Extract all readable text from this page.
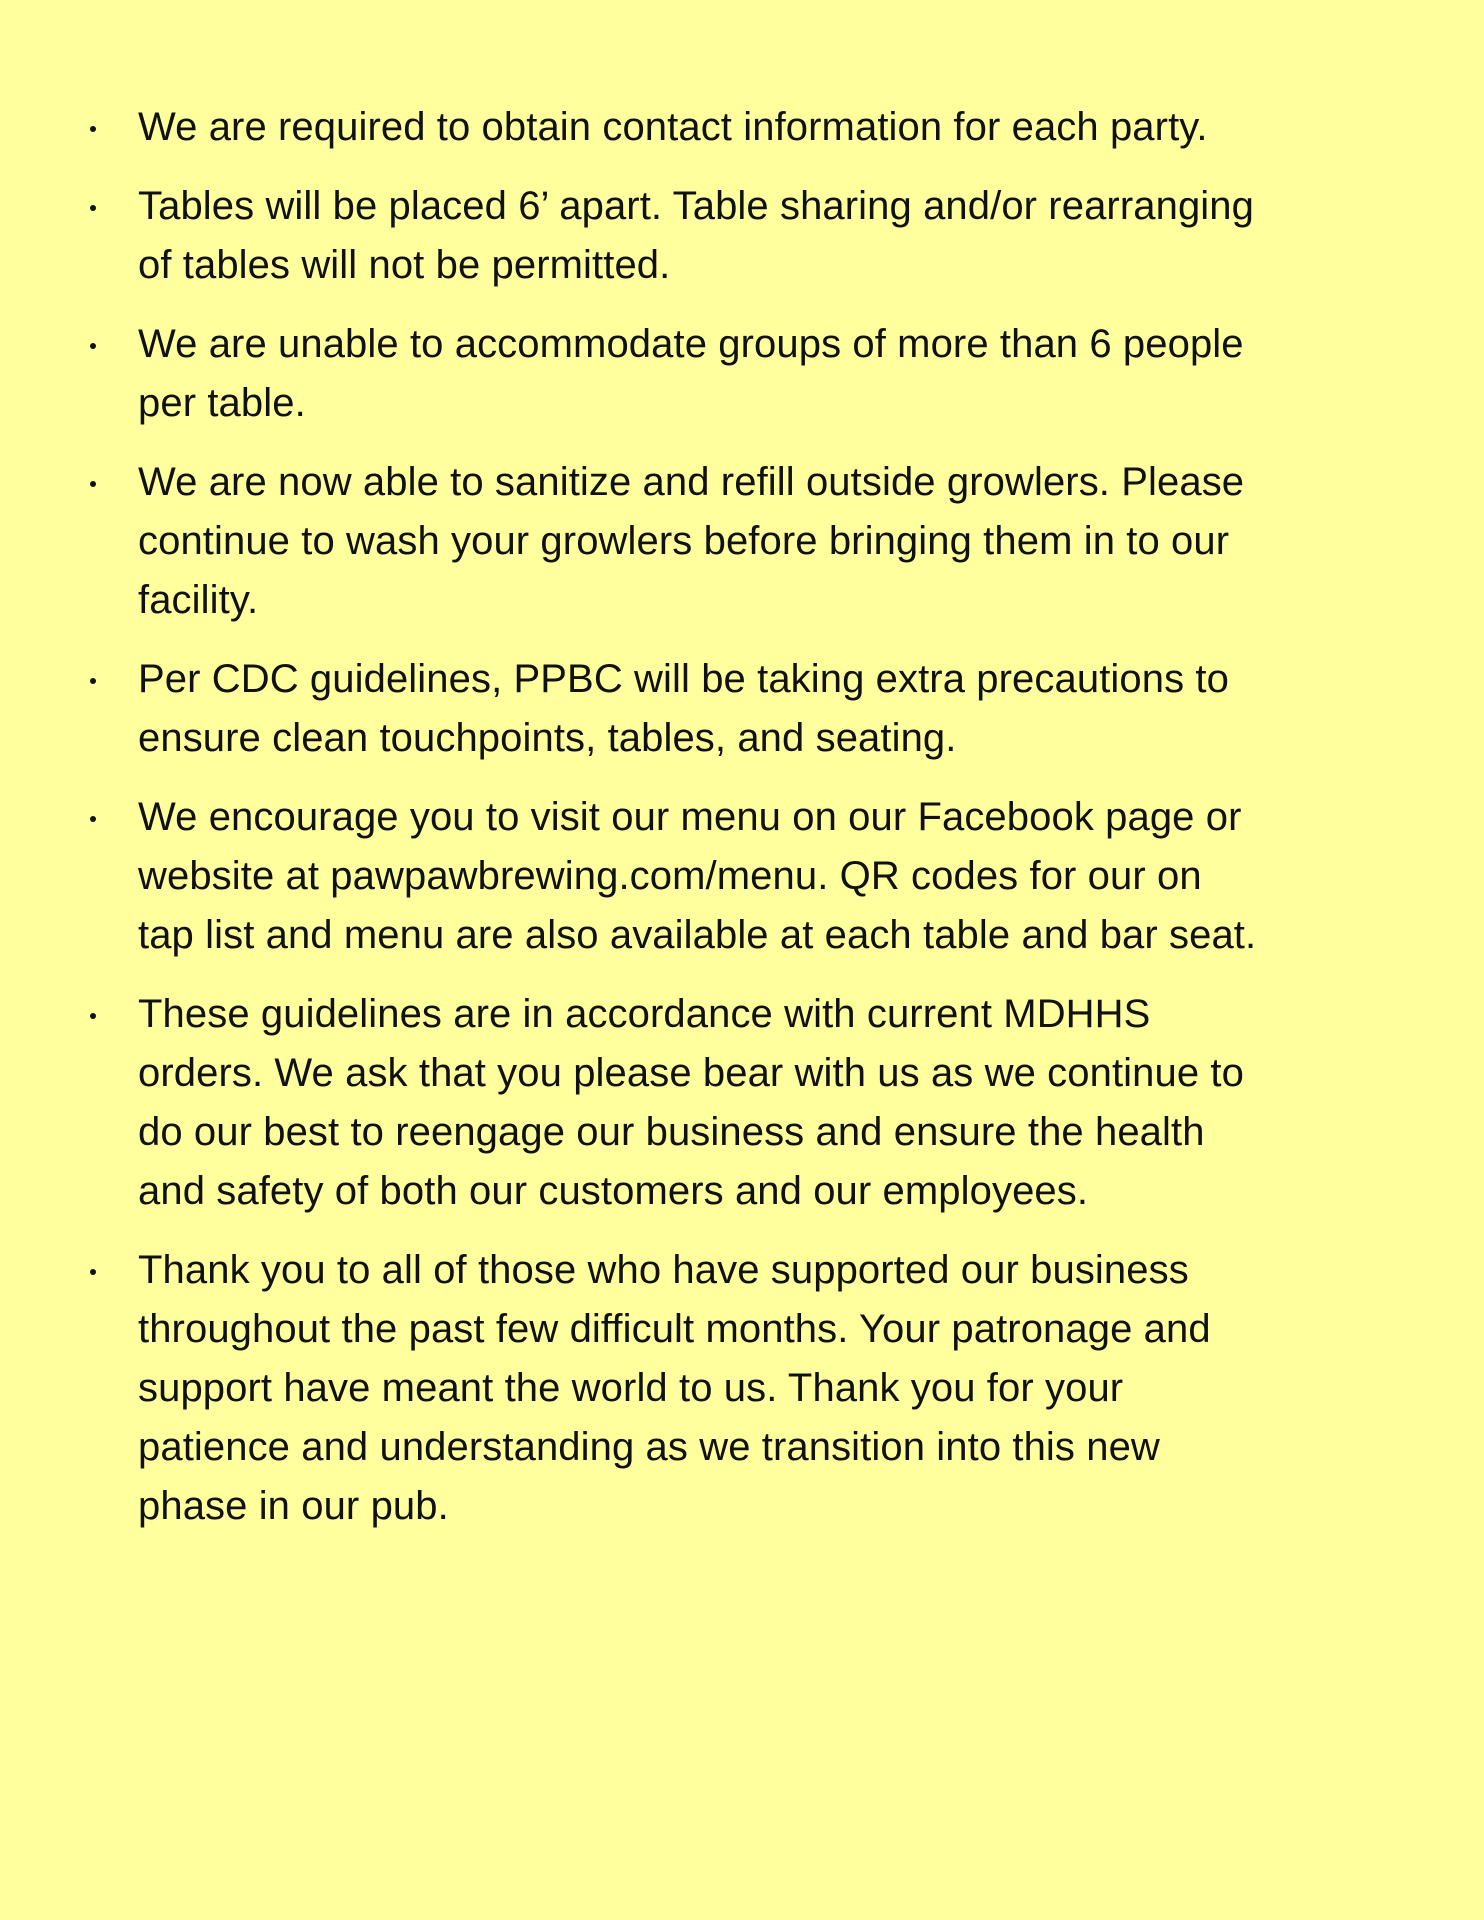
We are required to obtain contact information for each party.
Tables will be placed 6’ apart. Table sharing and/or rearranging
of tables will not be permitted.
We are unable to accommodate groups of more than 6 people
per table.
We are now able to sanitize and refill outside growlers. Please
continue to wash your growlers before bringing them in to our
facility.
Per CDC guidelines, PPBC will be taking extra precautions to
ensure clean touchpoints, tables, and seating.
We encourage you to visit our menu on our Facebook page or
website at pawpawbrewing.com/menu. QR codes for our on
tap list and menu are also available at each table and bar seat.
These guidelines are in accordance with current MDHHS
orders. We ask that you please bear with us as we continue to
do our best to reengage our business and ensure the health
and safety of both our customers and our employees.
Thank you to all of those who have supported our business
throughout the past few difficult months. Your patronage and
support have meant the world to us. Thank you for your
patience and understanding as we transition into this new
phase in our pub.
